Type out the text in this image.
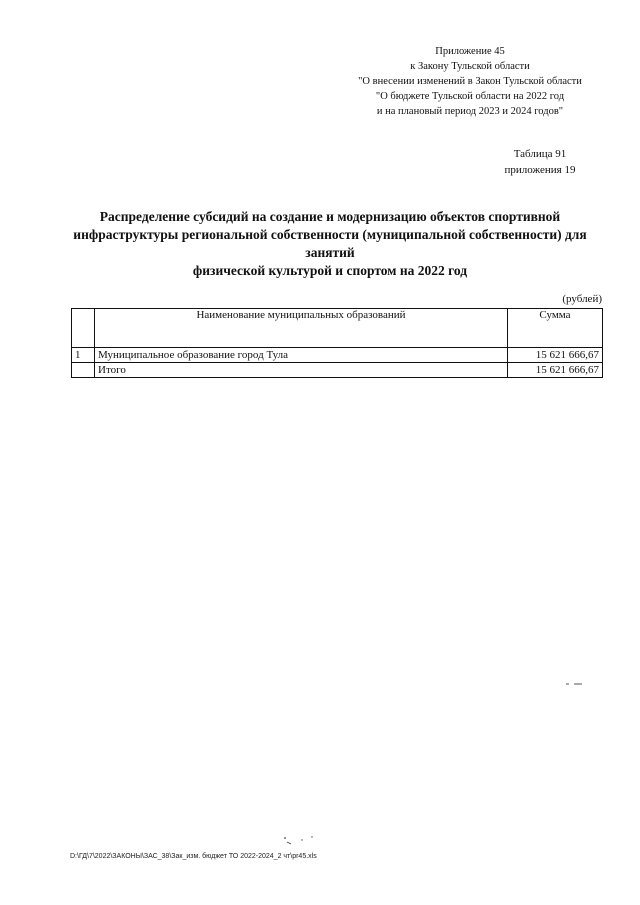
Приложение 45
к Закону Тульской области
"О внесении изменений в Закон Тульской области
"О бюджете Тульской области на 2022 год
и на плановый период 2023 и 2024 годов"
Таблица 91
приложения 19
Распределение субсидий на создание и модернизацию объектов спортивной
инфраструктуры региональной собственности (муниципальной собственности) для занятий
физической культурой и спортом на 2022 год
(рублей)
	Наименование муниципальных образований	Сумма
1	Муниципальное образование город Тула	15 621 666,67
	Итого	15 621 666,67
D:\ГД\7\2022\ЗАКОНЫ\ЗАС_38\Зак_изм. бюджет ТО 2022-2024_2 чт\pr45.xls
